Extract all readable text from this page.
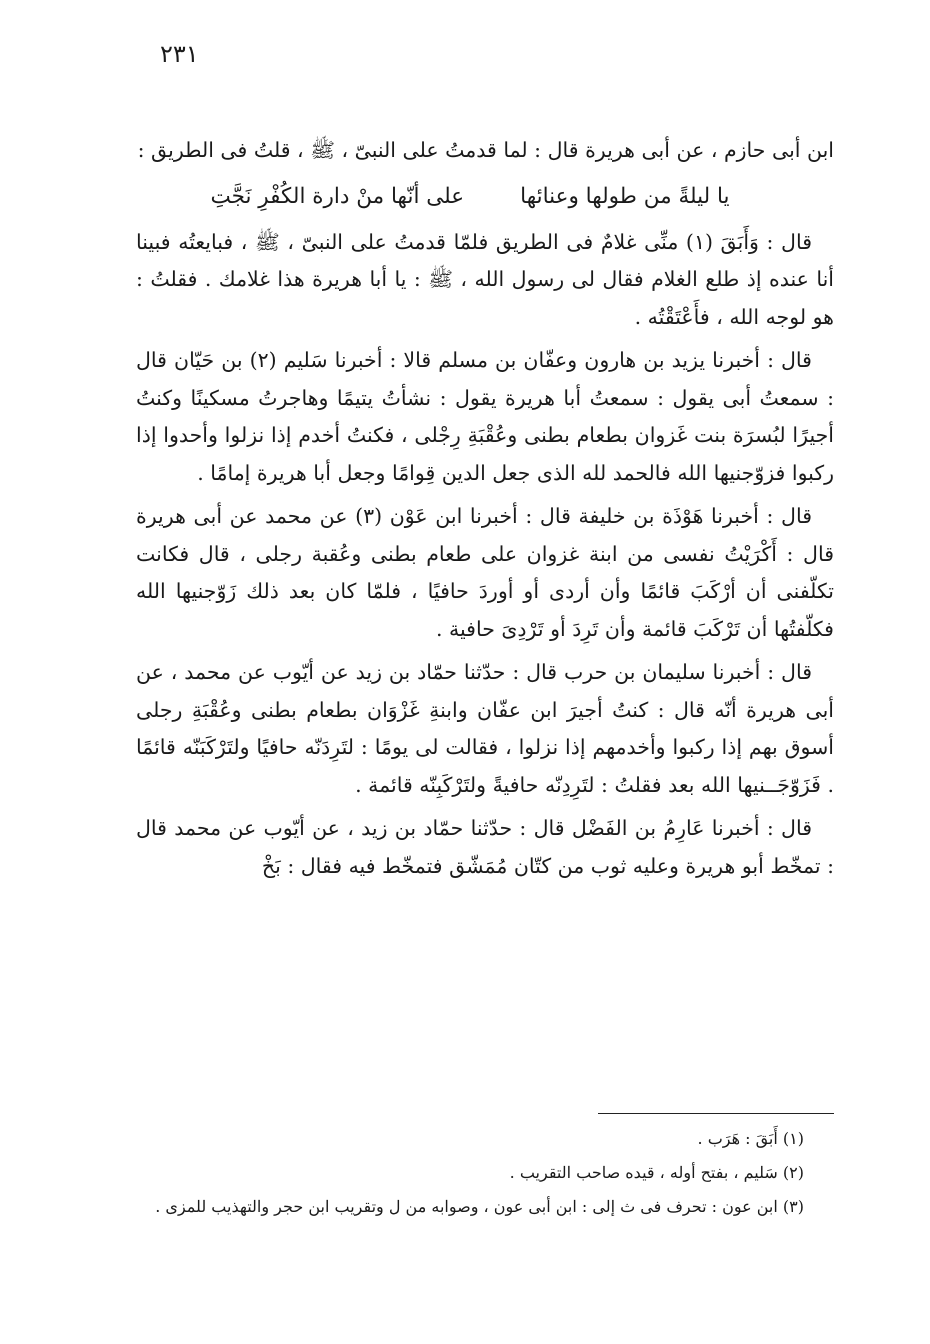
٢٣١

ابن أبى حازم ، عن أبى هريرة قال : لما قدمتُ على النبىّ ، ﷺ ، قلتُ فى الطريق :

يا ليلةً من طولها وعنائها
على أنّها منْ دارة الكُفْرِ نَجَّتِ

قال : وَأَبَقَ (١) منِّى غلامٌ فى الطريق فلمّا قدمتُ على النبىّ ، ﷺ ، فبايعتُه فبينا أنا عنده إذ طلع الغلام فقال لى رسول الله ، ﷺ : يا أبا هريرة هذا غلامك . فقلتُ : هو لوجه الله ، فأَعْتَقْتُه .

قال : أخبرنا يزيد بن هارون وعفّان بن مسلم قالا : أخبرنا سَليم (٢) بن حَيّان قال : سمعتُ أبى يقول : سمعتُ أبا هريرة يقول : نشأتُ يتيمًا وهاجرتُ مسكينًا وكنتُ أجيرًا لبُسرَة بنت غَزوان بطعام بطنى وعُقْبَةِ رِجْلى ، فكنتُ أخدم إذا نزلوا وأحدوا إذا ركبوا فزوّجنيها الله فالحمد لله الذى جعل الدين قِوامًا وجعل أبا هريرة إمامًا .

قال : أخبرنا هَوْذَة بن خليفة قال : أخبرنا ابن عَوْن (٣) عن محمد عن أبى هريرة قال : أَكْرَيْتُ نفسى من ابنة غزوان على طعام بطنى وعُقبة رجلى ، قال فكانت تكلّفنى أن أرْكَبَ قائمًا وأن أردى أو أوردَ حافيًا ، فلمّا كان بعد ذلك زَوّجنيها الله فكلّفتُها أن تَرْكَبَ قائمة وأن تَرِدَ أو تَرْدِىَ حافية .

قال : أخبرنا سليمان بن حرب قال : حدّثنا حمّاد بن زيد عن أيّوب عن محمد ، عن أبى هريرة أنّه قال : كنتُ أجيرَ ابن عفّان وابنةِ غَزْوَان بطعام بطنى وعُقْبَةِ رجلى أسوق بهم إذا ركبوا وأخدمهم إذا نزلوا ، فقالت لى يومًا : لتَرِدَنّه حافيًا ولتَرْكَبَنّه قائمًا . فَزَوّجَــنيها الله بعد فقلتُ : لتَرِدِنّه حافيةً ولتَرْكَبِنّه قائمة .

قال : أخبرنا عَارِمُ بن الفَضْل قال : حدّثنا حمّاد بن زيد ، عن أيّوب عن محمد قال : تمخّط أبو هريرة وعليه ثوب من كتّان مُمَشّق فتمخّط فيه فقال : بَخْ

(١) أَبَقَ : هَرَب .

(٢) سَليم ، بفتح أوله ، قيده صاحب التقريب .

(٣) ابن عون : تحرف فى ث إلى : ابن أبى عون ، وصوابه من ل وتقريب ابن حجر والتهذيب للمزى .
